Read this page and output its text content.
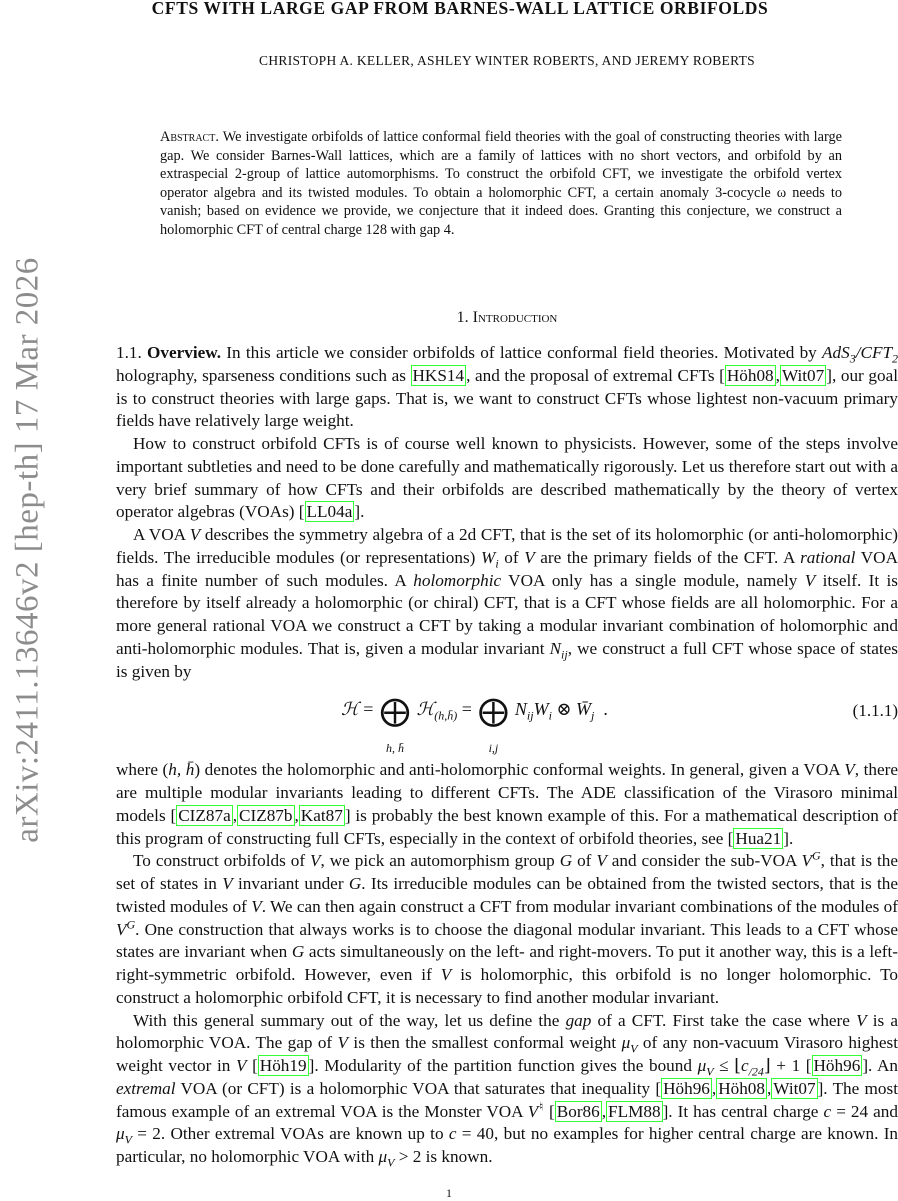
arXiv:2411.13646v2 [hep-th] 17 Mar 2026
CFTS WITH LARGE GAP FROM BARNES-WALL LATTICE ORBIFOLDS
CHRISTOPH A. KELLER, ASHLEY WINTER ROBERTS, AND JEREMY ROBERTS
Abstract. We investigate orbifolds of lattice conformal field theories with the goal of constructing theories with large gap. We consider Barnes-Wall lattices, which are a family of lattices with no short vectors, and orbifold by an extraspecial 2-group of lattice automorphisms. To construct the orbifold CFT, we investigate the orbifold vertex operator algebra and its twisted modules. To obtain a holomorphic CFT, a certain anomaly 3-cocycle ω needs to vanish; based on evidence we provide, we conjecture that it indeed does. Granting this conjecture, we construct a holomorphic CFT of central charge 128 with gap 4.
1. Introduction

1.1. Overview. In this article we consider orbifolds of lattice conformal field theories. Motivated by $AdS_3/CFT_2$ holography, sparseness conditions such as HKS14 , and the proposal of extremal CFTs [ Höh08 , Wit07 ], our goal is to construct theories with large gaps. That is, we want to construct CFTs whose lightest non-vacuum primary fields have relatively large weight.

How to construct orbifold CFTs is of course well known to physicists. However, some of the steps involve important subtleties and need to be done carefully and mathematically rigorously. Let us therefore start out with a very brief summary of how CFTs and their orbifolds are described mathematically by the theory of vertex operator algebras (VOAs) [ LL04a ].

A VOA V describes the symmetry algebra of a 2d CFT, that is the set of its holomorphic (or anti-holomorphic) fields. The irreducible modules (or representations) $W_i$ of V are the primary fields of the CFT. A rational VOA has a finite number of such modules. A holomorphic VOA only has a single module, namely V itself. It is therefore by itself already a holomorphic (or chiral) CFT, that is a CFT whose fields are all holomorphic. For a more general rational VOA we construct a CFT by taking a modular invariant combination of holomorphic and anti-holomorphic modules. That is, given a modular invariant $N_{ij}$, we construct a full CFT whose space of states is given by

ℋ = ⨁
h, h̄
ℋ$_{(h,h̄)}$ = ⨁
i,j
$N_{ij}W_i$ ⊗ $W̄_j$  .	(1.1.1)

where (h, h̄) denotes the holomorphic and anti-holomorphic conformal weights. In general, given a VOA V, there are multiple modular invariants leading to different CFTs. The ADE classification of the Virasoro minimal models [ CIZ87a , CIZ87b , Kat87 ] is probably the best known example of this. For a mathematical description of this program of constructing full CFTs, especially in the context of orbifold theories, see [ Hua21 ].

To construct orbifolds of V, we pick an automorphism group G of V and consider the sub-VOA $V^G$, that is the set of states in V invariant under G. Its irreducible modules can be obtained from the twisted sectors, that is the twisted modules of V. We can then again construct a CFT from modular invariant combinations of the modules of $V^G$. One construction that always works is to choose the diagonal modular invariant. This leads to a CFT whose states are invariant when G acts simultaneously on the left- and right-movers. To put it another way, this is a left-right-symmetric orbifold. However, even if V is holomorphic, this orbifold is no longer holomorphic. To construct a holomorphic orbifold CFT, it is necessary to find another modular invariant.

With this general summary out of the way, let us define the gap of a CFT. First take the case where V is a holomorphic VOA. The gap of V is then the smallest conformal weight $\mu_V$ of any non-vacuum Virasoro highest weight vector in V [ Höh19 ]. Modularity of the partition function gives the bound $\mu_V$ ≤ $⌊c_{/24}⌋ + 1$ [ Höh96 ]. An extremal VOA (or CFT) is a holomorphic VOA that saturates that inequality [ Höh96 , Höh08 , Wit07 ]. The most famous example of an extremal VOA is the Monster VOA V♮ [ Bor86 , FLM88 ]. It has central charge c = 24 and $\mu_V = 2$. Other extremal VOAs are known up to c = 40, but no examples for higher central charge are known. In particular, no holomorphic VOA with $\mu_V > 2$ is known.

1
